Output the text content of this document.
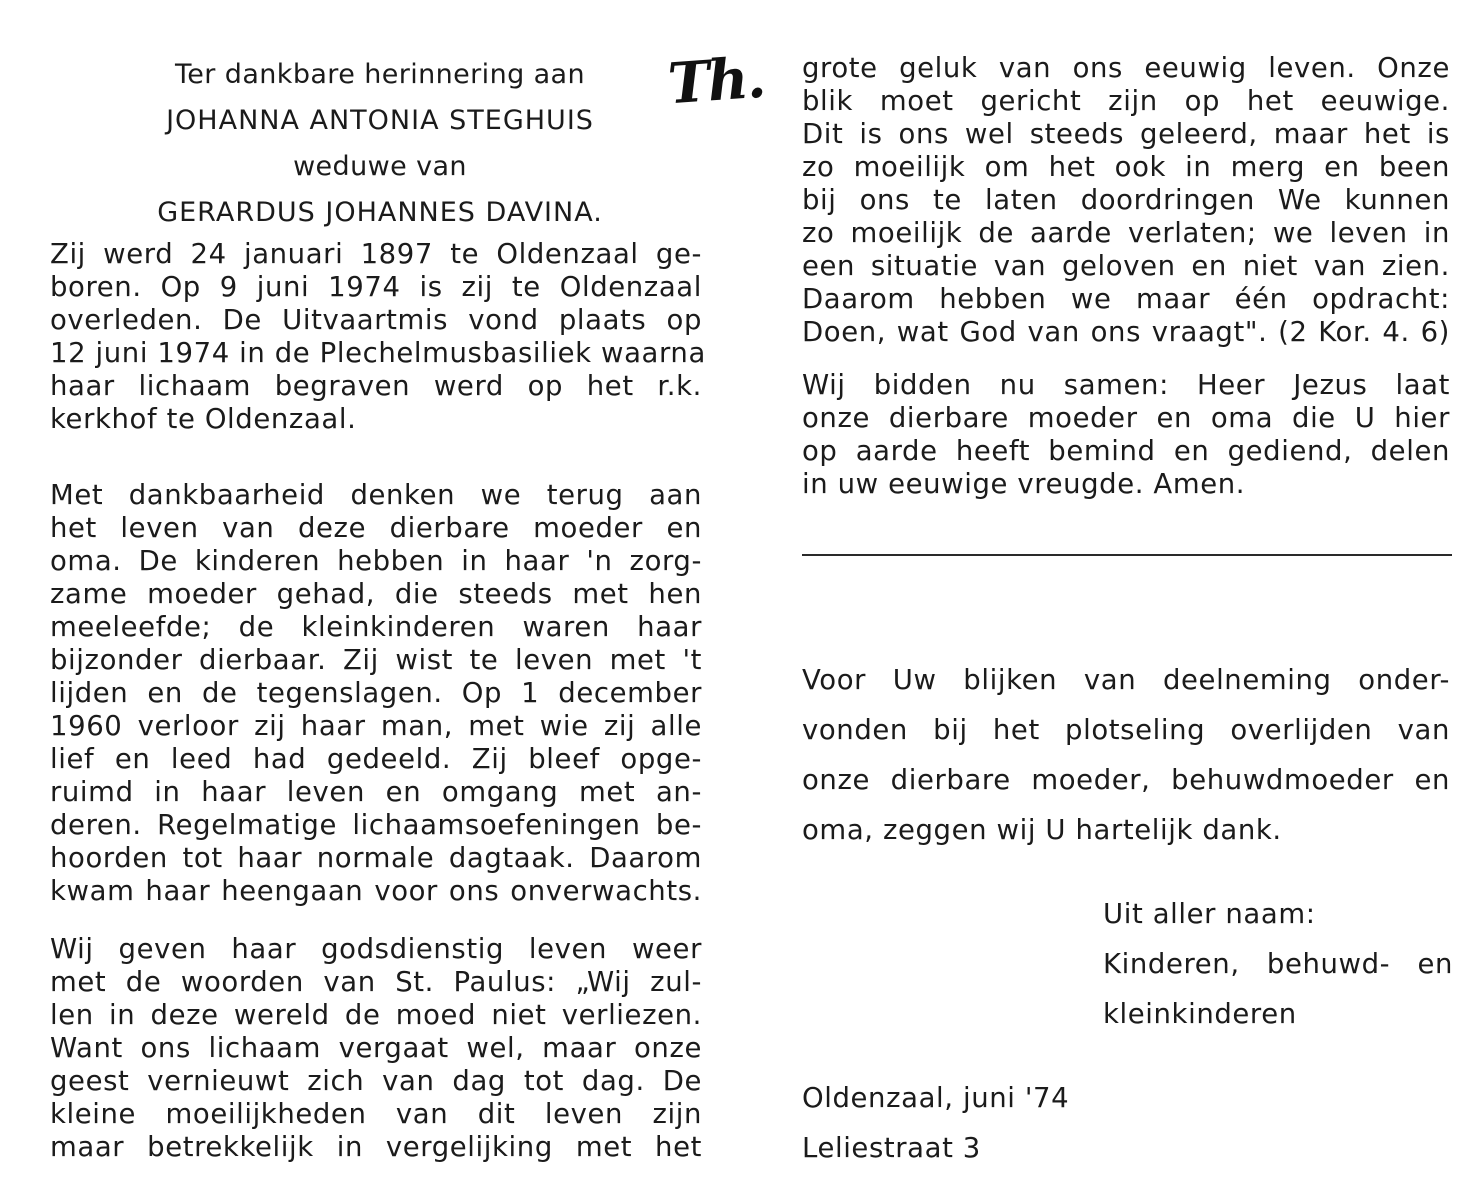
Ter dankbare herinnering aan
JOHANNA ANTONIA STEGHUIS
weduwe van
GERARDUS JOHANNES DAVINA.
Th.
Zij werd 24 januari 1897 te Oldenzaal ge-
boren. Op 9 juni 1974 is zij te Oldenzaal
overleden. De Uitvaartmis vond plaats op
12 juni 1974 in de Plechelmusbasiliek waarna
haar lichaam begraven werd op het r.k.
kerkhof te Oldenzaal.
Met dankbaarheid denken we terug aan
het leven van deze dierbare moeder en
oma. De kinderen hebben in haar 'n zorg-
zame moeder gehad, die steeds met hen
meeleefde; de kleinkinderen waren haar
bijzonder dierbaar. Zij wist te leven met 't
lijden en de tegenslagen. Op 1 december
1960 verloor zij haar man, met wie zij alle
lief en leed had gedeeld. Zij bleef opge-
ruimd in haar leven en omgang met an-
deren. Regelmatige lichaamsoefeningen be-
hoorden tot haar normale dagtaak. Daarom
kwam haar heengaan voor ons onverwachts.
Wij geven haar godsdienstig leven weer
met de woorden van St. Paulus: „Wij zul-
len in deze wereld de moed niet verliezen.
Want ons lichaam vergaat wel, maar onze
geest vernieuwt zich van dag tot dag. De
kleine moeilijkheden van dit leven zijn
maar betrekkelijk in vergelijking met het
grote geluk van ons eeuwig leven. Onze
blik moet gericht zijn op het eeuwige.
Dit is ons wel steeds geleerd, maar het is
zo moeilijk om het ook in merg en been
bij ons te laten doordringen We kunnen
zo moeilijk de aarde verlaten; we leven in
een situatie van geloven en niet van zien.
Daarom hebben we maar één opdracht:
Doen, wat God van ons vraagt". (2 Kor. 4. 6)
Wij bidden nu samen: Heer Jezus laat
onze dierbare moeder en oma die U hier
op aarde heeft bemind en gediend, delen
in uw eeuwige vreugde. Amen.
Voor Uw blijken van deelneming onder-
vonden bij het plotseling overlijden van
onze dierbare moeder, behuwdmoeder en
oma, zeggen wij U hartelijk dank.
Uit aller naam:
Kinderen, behuwd- en
kleinkinderen
Oldenzaal, juni '74
Leliestraat 3
